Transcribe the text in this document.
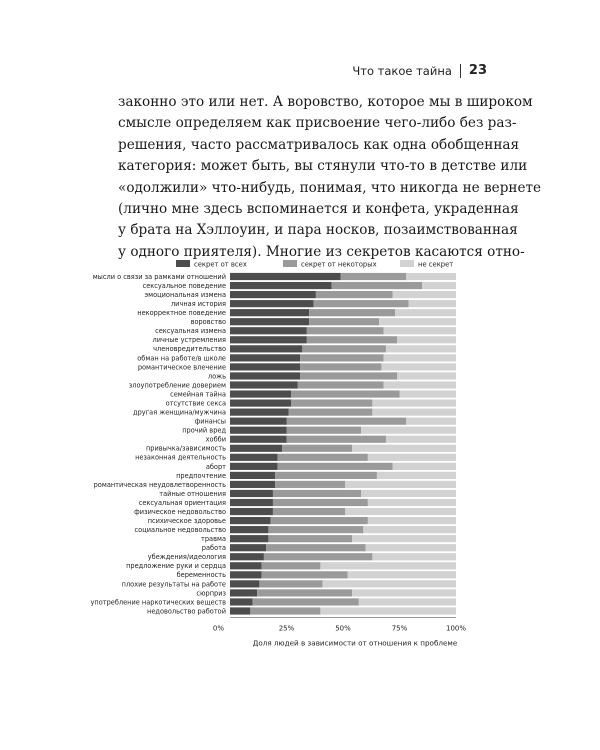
Что такое тайна 23
законно это или нет. А воровство, которое мы в широком
смысле определяем как присвоение чего-либо без раз-
решения, часто рассматривалось как одна обобщенная
категория: может быть, вы стянули что-то в детстве или
«одолжили» что-нибудь, понимая, что никогда не вернете
(лично мне здесь вспоминается и конфета, украденная
у брата на Хэллоуин, и пара носков, позаимствованная
у одного приятеля). Многие из секретов касаются отно-
секрет от всех	секрет от некоторых	не секрет
мысли о связи за рамками отношений
сексуальное поведение
эмоциональная измена
личная история
некорректное поведение
воровство
сексуальная измена
личные устремления
членовредительство
обман на работе/в школе
романтическое влечение
ложь
злоупотребление доверием
семейная тайна
отсутствие секса
другая женщина/мужчина
финансы
прочий вред
хобби
привычка/зависимость
незаконная деятельность
аборт
предпочтение
романтическая неудовлетворенность
тайные отношения
сексуальная ориентация
физическое недовольство
психическое здоровье
социальное недовольство
травма
работа
убеждения/идеология
предложение руки и сердца
беременность
плохие результаты на работе
сюрприз
употребление наркотических веществ
недовольство работой
0%	25%	50%	75%	100%
Доля людей в зависимости от отношения к проблеме
